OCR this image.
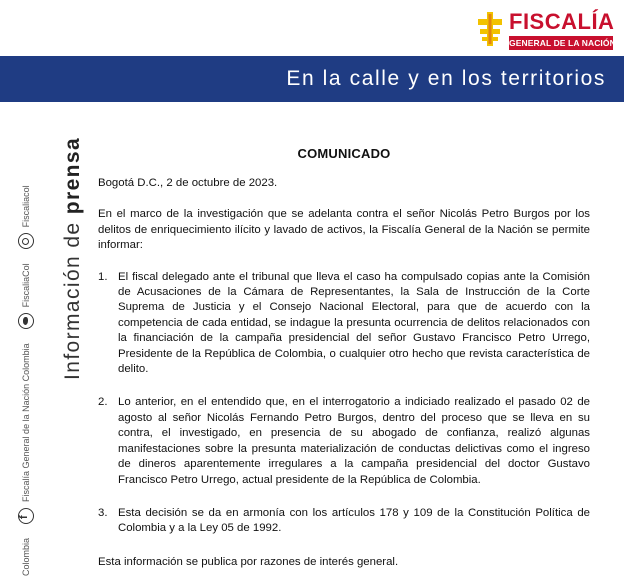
FISCALÍA
GENERAL DE LA NACIÓN
En la calle y en los territorios
Colombia
f
Fiscalía General de la Nación Colombia
FiscaliaCol
Fiscaliacol
Información de prensa	COMUNICADO

Bogotá D.C., 2 de octubre de 2023.

En el marco de la investigación que se adelanta contra el señor Nicolás Petro Burgos por los delitos de enriquecimiento ilícito y lavado de activos, la Fiscalía General de la Nación se permite informar:

1. El fiscal delegado ante el tribunal que lleva el caso ha compulsado copias ante la Comisión de Acusaciones de la Cámara de Representantes, la Sala de Instrucción de la Corte Suprema de Justicia y el Consejo Nacional Electoral, para que de acuerdo con la competencia de cada entidad, se indague la presunta ocurrencia de delitos relacionados con la financiación de la campaña presidencial del señor Gustavo Francisco Petro Urrego, Presidente de la República de Colombia, o cualquier otro hecho que revista característica de delito.
2. Lo anterior, en el entendido que, en el interrogatorio a indiciado realizado el pasado 02 de agosto al señor Nicolás Fernando Petro Burgos, dentro del proceso que se lleva en su contra, el investigado, en presencia de su abogado de confianza, realizó algunas manifestaciones sobre la presunta materialización de conductas delictivas como el ingreso de dineros aparentemente irregulares a la campaña presidencial del doctor Gustavo Francisco Petro Urrego, actual presidente de la República de Colombia.
3. Esta decisión se da en armonía con los artículos 178 y 109 de la Constitución Política de Colombia y a la Ley 05 de 1992.

Esta información se publica por razones de interés general.
